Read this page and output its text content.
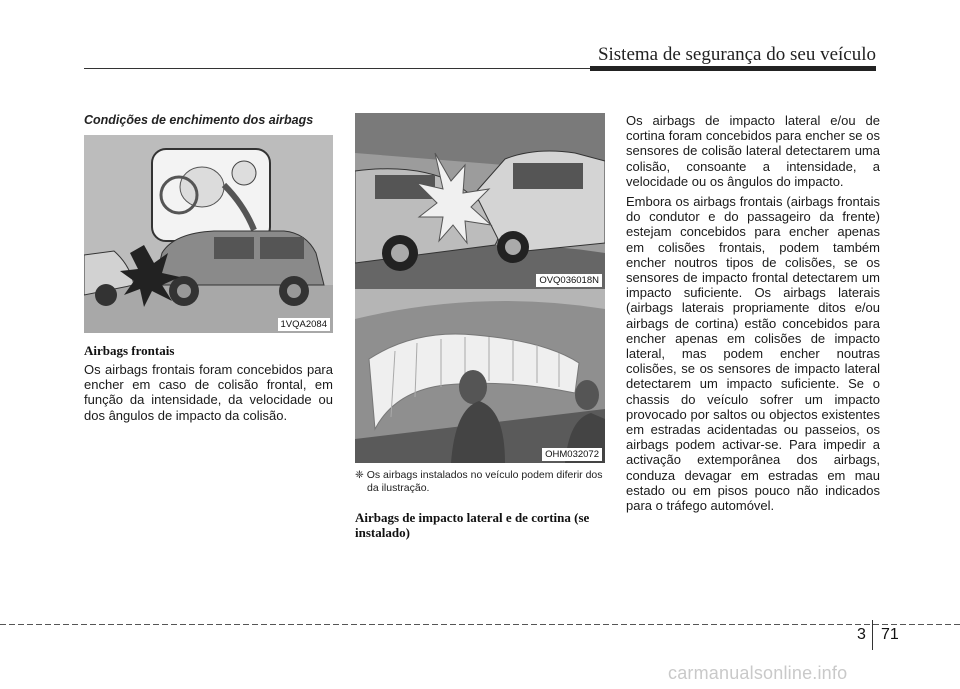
Sistema de segurança do seu veículo
Condições de enchimento dos airbags
1VQA2084
Airbags frontais

Os airbags frontais foram concebidos para encher em caso de colisão frontal, em função da intensidade, da velocidade ou dos ângulos de impacto da colisão.

OVQ036018N
OHM032072
❈ Os airbags instalados no veículo podem diferir dos da ilustração.
Airbags de impacto lateral e de cortina (se instalado)

Os airbags de impacto lateral e/ou de cortina foram concebidos para encher se os sensores de colisão lateral detectarem uma colisão, consoante a intensidade, a velocidade ou os ângulos do impacto.

Embora os airbags frontais (airbags frontais do condutor e do passageiro da frente) estejam concebidos para encher apenas em colisões frontais, podem também encher noutros tipos de colisões, se os sensores de impacto frontal detectarem um impacto suficiente. Os airbags laterais (airbags laterais propriamente ditos e/ou airbags de cortina) estão concebidos para encher apenas em colisões de impacto lateral, mas podem encher noutras colisões, se os sensores de impacto lateral detectarem um impacto suficiente. Se o chassis do veículo sofrer um impacto provocado por saltos ou objectos existentes em estradas acidentadas ou passeios, os airbags podem activar-se. Para impedir a activação extemporânea dos airbags, conduza devagar em estradas em mau estado ou em pisos pouco não indicados para o tráfego automóvel.

3 71
carmanualsonline.info
